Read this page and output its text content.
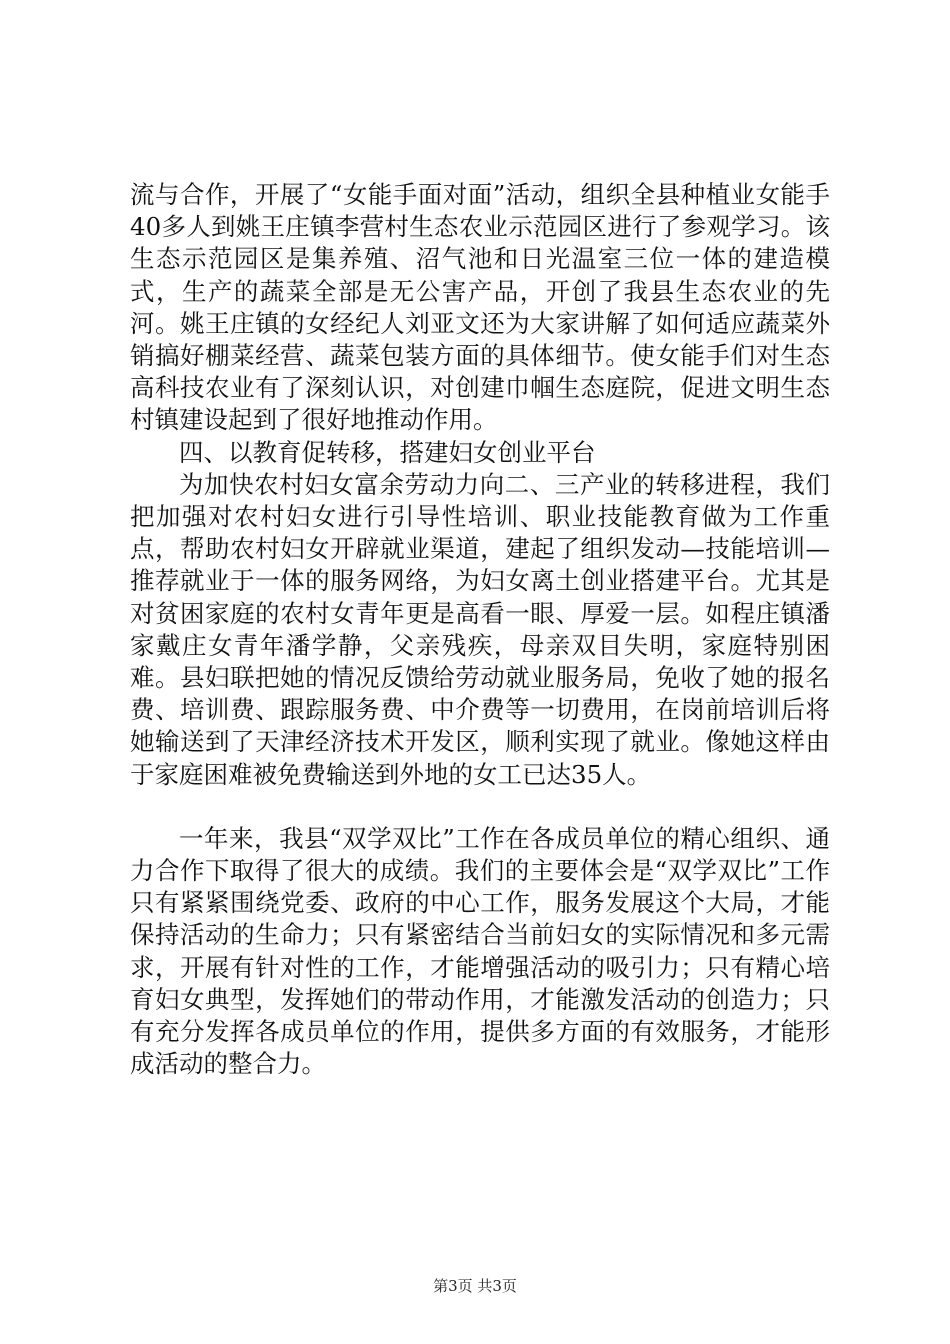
流与合作，开展了“女能手面对面”活动，组织全县种植业女能手40多人到姚王庄镇李营村生态农业示范园区进行了参观学习。该生态示范园区是集养殖、沼气池和日光温室三位一体的建造模式，生产的蔬菜全部是无公害产品，开创了我县生态农业的先河。姚王庄镇的女经纪人刘亚文还为大家讲解了如何适应蔬菜外销搞好棚菜经营、蔬菜包装方面的具体细节。使女能手们对生态高科技农业有了深刻认识，对创建巾帼生态庭院，促进文明生态村镇建设起到了很好地推动作用。

四、以教育促转移，搭建妇女创业平台

为加快农村妇女富余劳动力向二、三产业的转移进程，我们把加强对农村妇女进行引导性培训、职业技能教育做为工作重点，帮助农村妇女开辟就业渠道，建起了组织发动—技能培训—推荐就业于一体的服务网络，为妇女离土创业搭建平台。尤其是对贫困家庭的农村女青年更是高看一眼、厚爱一层。如程庄镇潘家戴庄女青年潘学静，父亲残疾，母亲双目失明，家庭特别困难。县妇联把她的情况反馈给劳动就业服务局，免收了她的报名费、培训费、跟踪服务费、中介费等一切费用，在岗前培训后将她输送到了天津经济技术开发区，顺利实现了就业。像她这样由于家庭困难被免费输送到外地的女工已达35人。

一年来，我县“双学双比”工作在各成员单位的精心组织、通力合作下取得了很大的成绩。我们的主要体会是“双学双比”工作只有紧紧围绕党委、政府的中心工作，服务发展这个大局，才能保持活动的生命力；只有紧密结合当前妇女的实际情况和多元需求，开展有针对性的工作，才能增强活动的吸引力；只有精心培育妇女典型，发挥她们的带动作用，才能激发活动的创造力；只有充分发挥各成员单位的作用，提供多方面的有效服务，才能形成活动的整合力。

第3页 共3页
